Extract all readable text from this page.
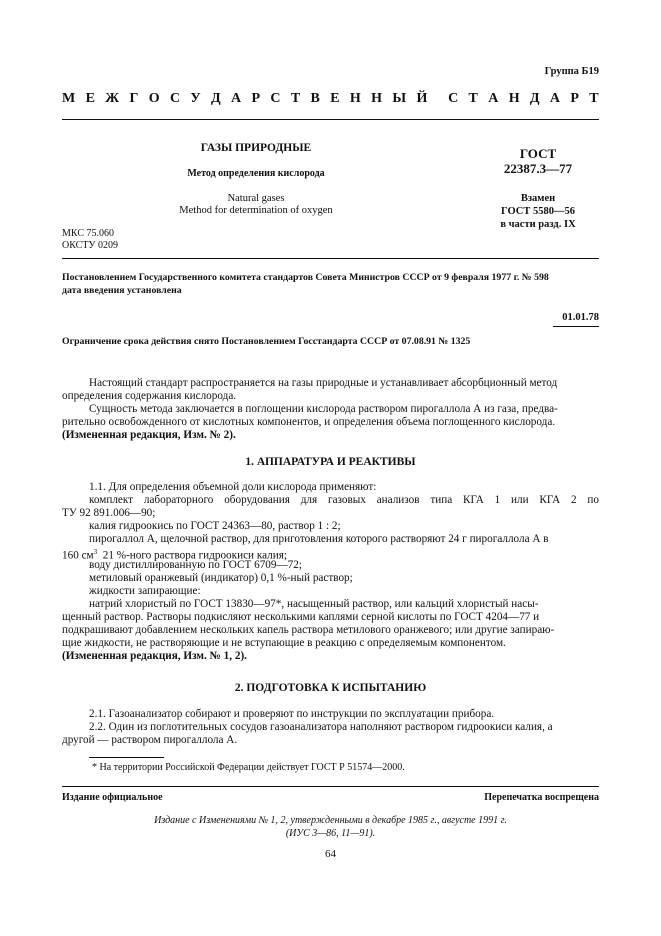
Группа Б19
М Е Ж Г О С У Д А Р С Т В Е Н Н Ы Й С Т А Н Д А Р Т
ГАЗЫ ПРИРОДНЫЕ
Метод определения кислорода
Natural gases
Method for determination of oxygen
ГОСТ
22387.3—77
Взамен
ГОСТ 5580—56
в части разд. IX
МКС 75.060
ОКСТУ 0209
Постановлением Государственного комитета стандартов Совета Министров СССР от 9 февраля 1977 г. № 598
дата введения установлена
01.01.78
Ограничение срока действия снято Постановлением Госстандарта СССР от 07.08.91 № 1325
Настоящий стандарт распространяется на газы природные и устанавливает абсорбционный метод
определения содержания кислорода.
Сущность метода заключается в поглощении кислорода раствором пирогаллола А из газа, предва-
рительно освобожденного от кислотных компонентов, и определения объема поглощенного кислорода.
(Измененная редакция, Изм. № 2).
1. АППАРАТУРА И РЕАКТИВЫ
1.1. Для определения объемной доли кислорода применяют:
комплект лабораторного оборудования для газовых анализов типа КГА 1 или КГА 2 по
ТУ 92 891.006—90;
калия гидроокись по ГОСТ 24363—80, раствор 1 : 2;
пирогаллол А, щелочной раствор, для приготовления которого растворяют 24 г пирогаллола А в
160 $см^3$  21 %-ного раствора гидроокиси калия;
воду дистиллированную по ГОСТ 6709—72;
метиловый оранжевый (индикатор) 0,1 %-ный раствор;
жидкости запирающие:
натрий хлористый по ГОСТ 13830—97*, насыщенный раствор, или кальций хлористый насы-
щенный раствор. Растворы подкисляют несколькими каплями серной кислоты по ГОСТ 4204—77 и
подкрашивают добавлением нескольких капель раствора метилового оранжевого; или другие запираю-
щие жидкости, не растворяющие и не вступающие в реакцию с определяемым компонентом.
(Измененная редакция, Изм. № 1, 2).
2. ПОДГОТОВКА К ИСПЫТАНИЮ
2.1. Газоанализатор собирают и проверяют по инструкции по эксплуатации прибора.
2.2. Один из поглотительных сосудов газоанализатора наполняют раствором гидроокиси калия, а
другой — раствором пирогаллола А.
* На территории Российской Федерации действует ГОСТ Р 51574—2000.
Издание официальное	Перепечатка воспрещена
Издание с Изменениями № 1, 2, утвержденными в декабре 1985 г., августе 1991 г.
(ИУС 3—86, 11—91).
64
